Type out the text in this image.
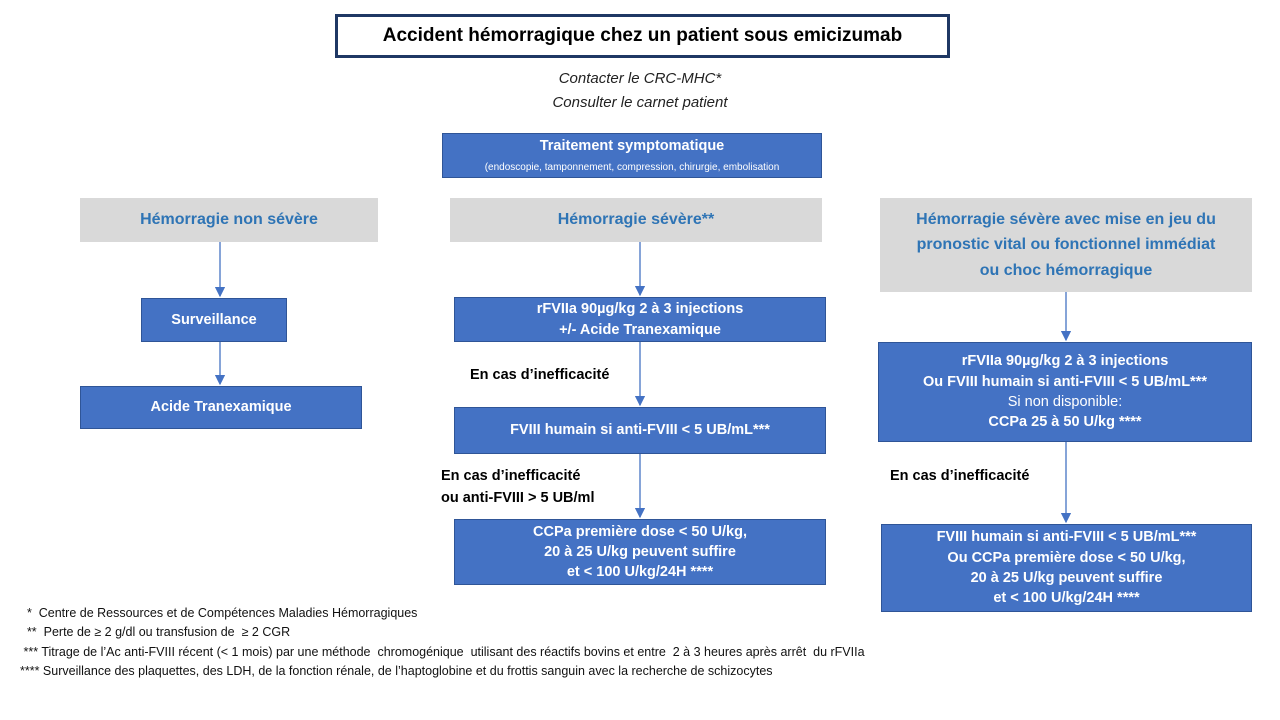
Accident hémorragique chez un patient sous emicizumab
Contacter le CRC-MHC*
Consulter le carnet patient
Traitement symptomatique
(endoscopie, tamponnement, compression, chirurgie, embolisation
Hémorragie non sévère
Surveillance
Acide Tranexamique
Hémorragie sévère**
rFVIIa 90µg/kg 2 à 3 injections
+/- Acide Tranexamique
En cas d’inefficacité
FVIII humain si anti-FVIII < 5 UB/mL***
En cas d’inefficacité
ou anti-FVIII > 5 UB/ml
CCPa première dose < 50 U/kg,
20 à 25 U/kg peuvent suffire
et < 100 U/kg/24H ****
Hémorragie sévère avec mise en jeu du
pronostic vital ou fonctionnel immédiat
ou choc hémorragique
rFVIIa 90µg/kg 2 à 3 injections
Ou FVIII humain si anti-FVIII < 5 UB/mL***
Si non disponible:
CCPa 25 à 50 U/kg ****
En cas d’inefficacité
FVIII humain si anti-FVIII < 5 UB/mL***
Ou CCPa première dose < 50 U/kg,
20 à 25 U/kg peuvent suffire
et < 100 U/kg/24H ****
*  Centre de Ressources et de Compétences Maladies Hémorragiques
**  Perte de ≥ 2 g/dl ou transfusion de  ≥ 2 CGR
*** Titrage de l’Ac anti-FVIII récent (< 1 mois) par une méthode  chromogénique  utilisant des réactifs bovins et entre  2 à 3 heures après arrêt  du rFVIIa
**** Surveillance des plaquettes, des LDH, de la fonction rénale, de l’haptoglobine et du frottis sanguin avec la recherche de schizocytes
